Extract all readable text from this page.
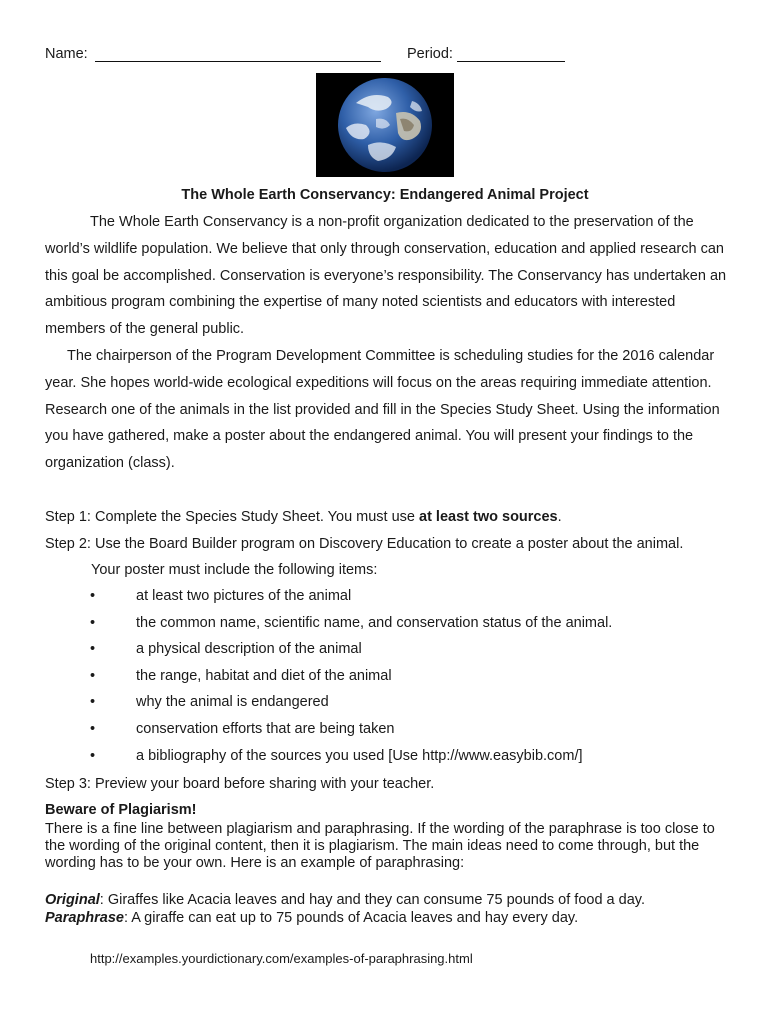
Name:	Period:
The Whole Earth Conservancy: Endangered Animal Project
The Whole Earth Conservancy is a non-profit organization dedicated to the preservation of the world’s wildlife population. We believe that only through conservation, education and applied research can this goal be accomplished. Conservation is everyone’s responsibility. The Conservancy has undertaken an ambitious program combining the expertise of many noted scientists and educators with interested members of the general public.
The chairperson of the Program Development Committee is scheduling studies for the 2016 calendar year. She hopes world-wide ecological expeditions will focus on the areas requiring immediate attention. Research one of the animals in the list provided and fill in the Species Study Sheet. Using the information you have gathered, make a poster about the endangered animal. You will present your findings to the organization (class).
Step 1: Complete the Species Study Sheet. You must use at least two sources.
Step 2: Use the Board Builder program on Discovery Education to create a poster about the animal.
Your poster must include the following items:
•	at least two pictures of the animal
•	the common name, scientific name, and conservation status of the animal.
•	a physical description of the animal
•	the range, habitat and diet of the animal
•	why the animal is endangered
•	conservation efforts that are being taken
•	a bibliography of the sources you used [Use http://www.easybib.com/]
Step 3: Preview your board before sharing with your teacher.
Beware of Plagiarism!
There is a fine line between plagiarism and paraphrasing. If the wording of the paraphrase is too close to the wording of the original content, then it is plagiarism. The main ideas need to come through, but the wording has to be your own. Here is an example of paraphrasing:
Original: Giraffes like Acacia leaves and hay and they can consume 75 pounds of food a day.
Paraphrase: A giraffe can eat up to 75 pounds of Acacia leaves and hay every day.
http://examples.yourdictionary.com/examples-of-paraphrasing.html
